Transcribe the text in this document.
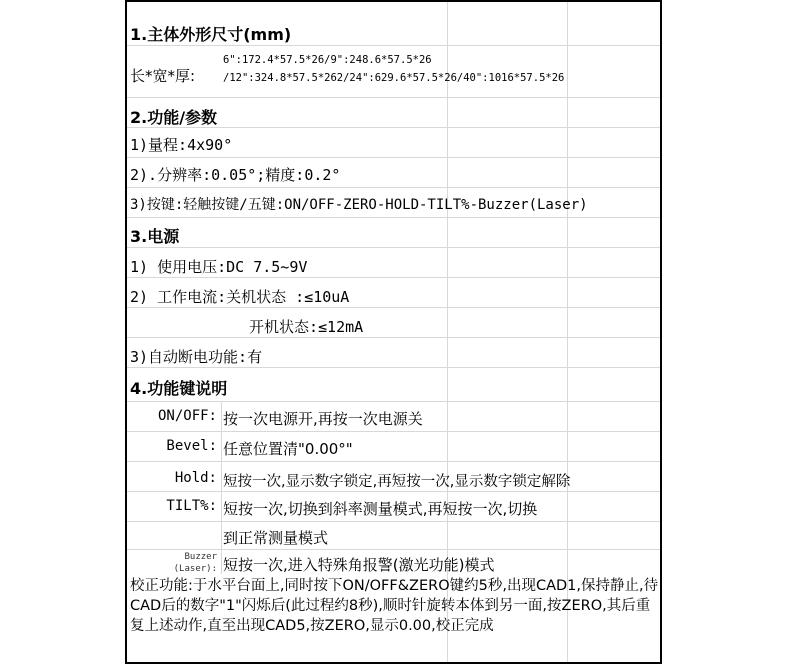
1.主体外形尺寸(mm)
长*宽*厚:
6":172.4*57.5*26/9":248.6*57.5*26
/12":324.8*57.5*262/24":629.6*57.5*26/40":1016*57.5*26
2.功能/参数
1)量程:4x90°
2).分辨率:0.05°;精度:0.2°
3)按键:轻触按键/五键:ON/OFF-ZERO-HOLD-TILT%-Buzzer(Laser)
3.电源
1) 使用电压:DC 7.5~9V
2) 工作电流:关机状态 :≤10uA
开机状态:≤12mA
3)自动断电功能:有
4.功能键说明
ON/OFF: 按一次电源开,再按一次电源关
Bevel: 任意位置清"0.00°"
Hold: 短按一次,显示数字锁定,再短按一次,显示数字锁定解除
TILT%: 短按一次,切换到斜率测量模式,再短按一次,切换
到正常测量模式
Buzzer
(Laser): 短按一次,进入特殊角报警(激光功能)模式
校正功能:于水平台面上,同时按下ON/OFF&ZERO键约5秒,出现CAD1,保持静止,待CAD后的数字"1"闪烁后(此过程约8秒),顺时针旋转本体到另一面,按ZERO,其后重复上述动作,直至出现CAD5,按ZERO,显示0.00,校正完成
